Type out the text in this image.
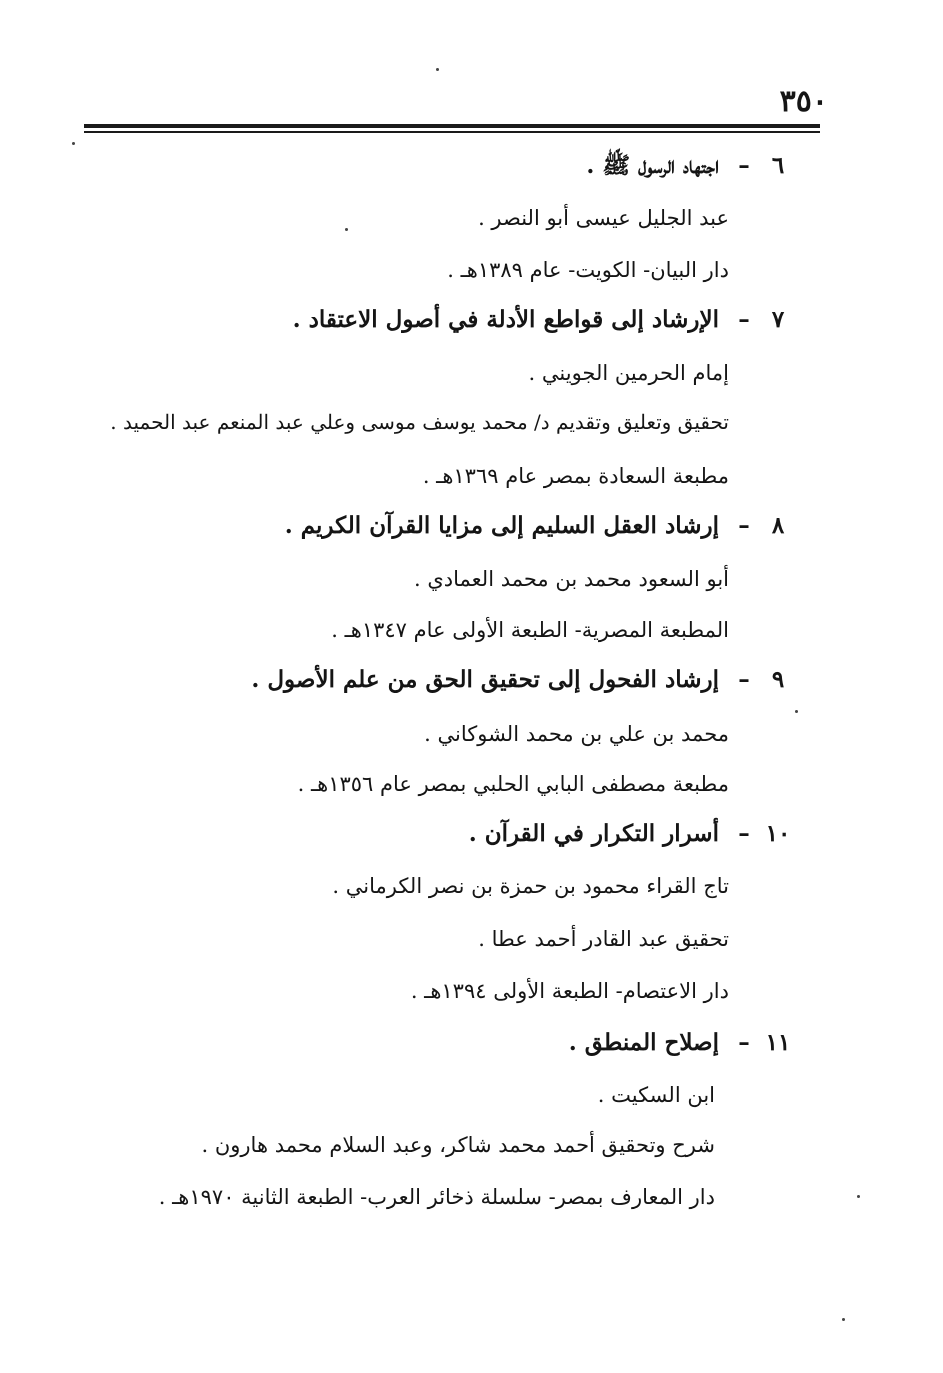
٣٥٠
٦– اجتهاد الرسول ﷺ .
عبد الجليل عيسى أبو النصر .
دار البيان- الكويت- عام ١٣٨٩هـ .
٧– الإرشاد إلى قواطع الأدلة في أصول الاعتقاد .
إمام الحرمين الجويني .
تحقيق وتعليق وتقديم د/ محمد يوسف موسى وعلي عبد المنعم عبد الحميد .
مطبعة السعادة بمصر عام ١٣٦٩هـ .
٨– إرشاد العقل السليم إلى مزايا القرآن الكريم .
أبو السعود محمد بن محمد العمادي .
المطبعة المصرية- الطبعة الأولى عام ١٣٤٧هـ .
٩– إرشاد الفحول إلى تحقيق الحق من علم الأصول .
محمد بن علي بن محمد الشوكاني .
مطبعة مصطفى البابي الحلبي بمصر عام ١٣٥٦هـ .
١٠– أسرار التكرار في القرآن .
تاج القراء محمود بن حمزة بن نصر الكرماني .
تحقيق عبد القادر أحمد عطا .
دار الاعتصام- الطبعة الأولى ١٣٩٤هـ .
١١– إصلاح المنطق .
ابن السكيت .
شرح وتحقيق أحمد محمد شاكر، وعبد السلام محمد هارون .
دار المعارف بمصر- سلسلة ذخائر العرب- الطبعة الثانية ١٩٧٠هـ .
